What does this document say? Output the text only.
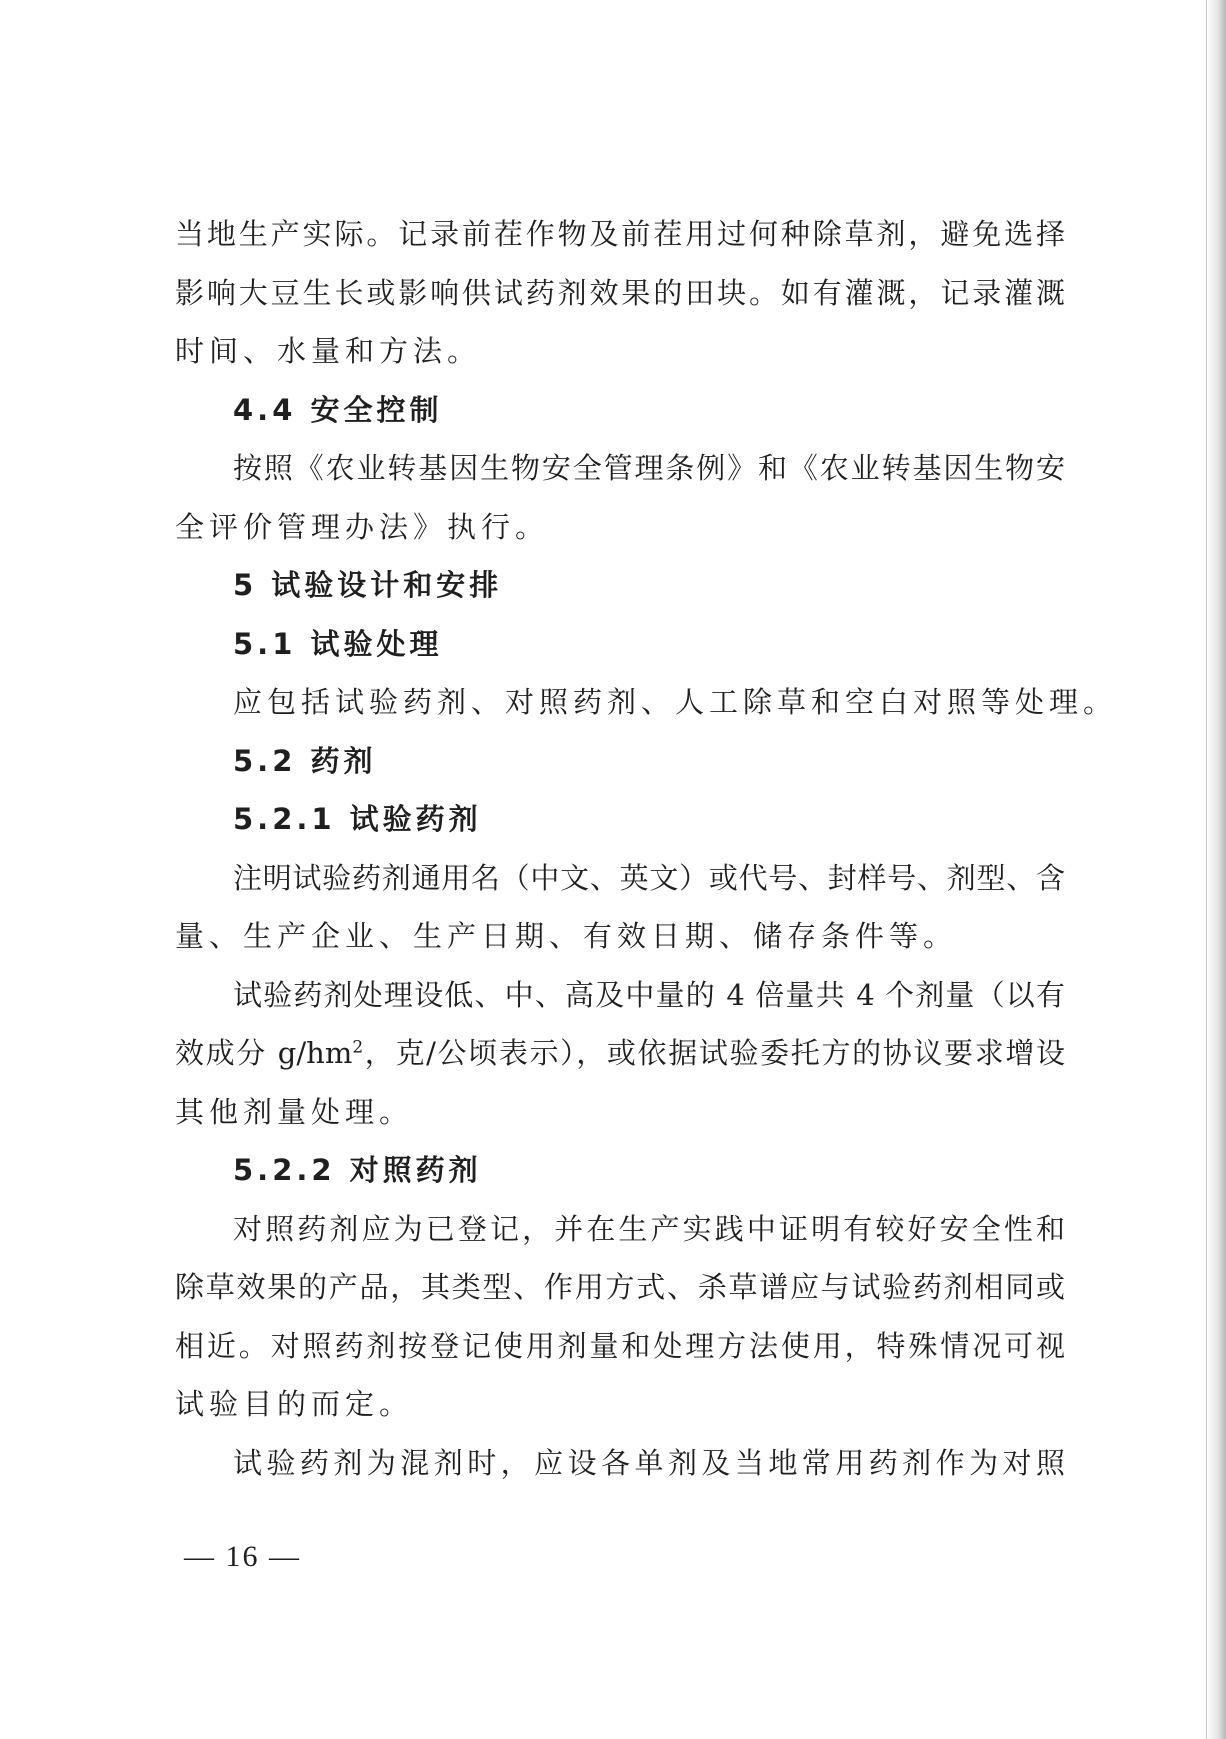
当地生产实际。记录前茬作物及前茬用过何种除草剂，避免选择
影响大豆生长或影响供试药剂效果的田块。如有灌溉，记录灌溉
时间、水量和方法。
4.4 安全控制
按照《农业转基因生物安全管理条例》和《农业转基因生物安
全评价管理办法》执行。
5 试验设计和安排
5.1 试验处理
应包括试验药剂、对照药剂、人工除草和空白对照等处理。
5.2 药剂
5.2.1 试验药剂
注明试验药剂通用名（中文、英文）或代号、封样号、剂型、含
量、生产企业、生产日期、有效日期、储存条件等。
试验药剂处理设低、中、高及中量的 4 倍量共 4 个剂量（以有
效成分 $g/hm^2$，克/公顷表示），或依据试验委托方的协议要求增设
其他剂量处理。
5.2.2 对照药剂
对照药剂应为已登记，并在生产实践中证明有较好安全性和
除草效果的产品，其类型、作用方式、杀草谱应与试验药剂相同或
相近。对照药剂按登记使用剂量和处理方法使用，特殊情况可视
试验目的而定。
试验药剂为混剂时，应设各单剂及当地常用药剂作为对照
— 16 —
